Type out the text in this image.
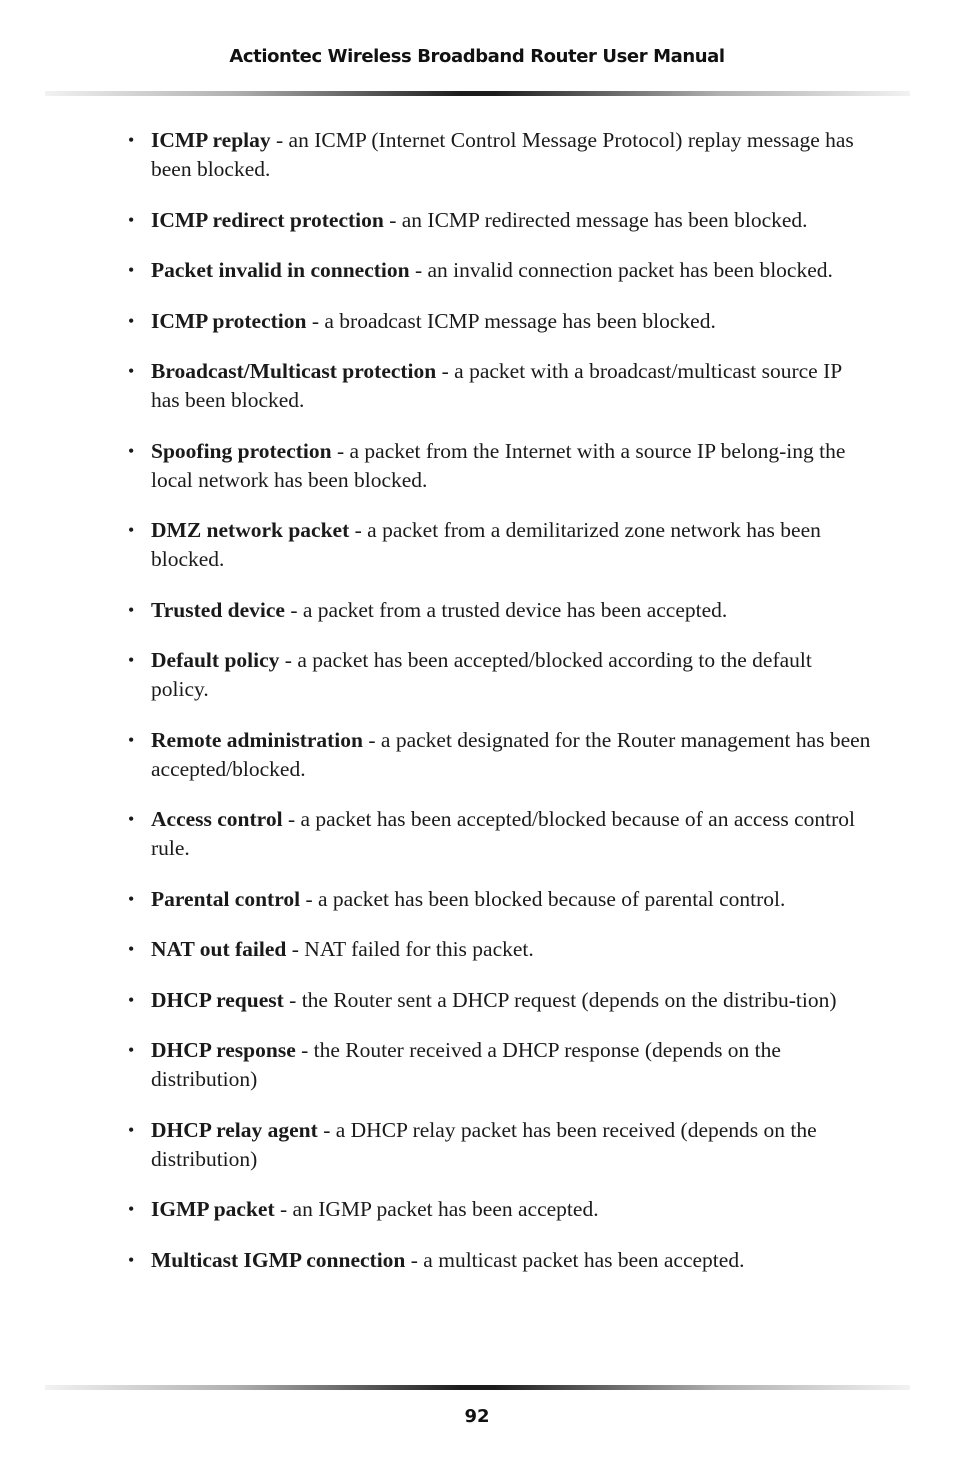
Actiontec Wireless Broadband Router User Manual
• ICMP replay - an ICMP (Internet Control Message Protocol) replay message has been blocked.
• ICMP redirect protection - an ICMP redirected message has been blocked.
• Packet invalid in connection - an invalid connection packet has been blocked.
• ICMP protection - a broadcast ICMP message has been blocked.
• Broadcast/Multicast protection - a packet with a broadcast/multicast source IP has been blocked.
• Spoofing protection - a packet from the Internet with a source IP belong-ing the local network has been blocked.
• DMZ network packet - a packet from a demilitarized zone network has been blocked.
• Trusted device - a packet from a trusted device has been accepted.
• Default policy - a packet has been accepted/blocked according to the default policy.
• Remote administration - a packet designated for the Router management has been accepted/blocked.
• Access control - a packet has been accepted/blocked because of an access control rule.
• Parental control - a packet has been blocked because of parental control.
• NAT out failed - NAT failed for this packet.
• DHCP request - the Router sent a DHCP request (depends on the distribu-tion)
• DHCP response - the Router received a DHCP response (depends on the distribution)
• DHCP relay agent - a DHCP relay packet has been received (depends on the distribution)
• IGMP packet - an IGMP packet has been accepted.
• Multicast IGMP connection - a multicast packet has been accepted.
92
